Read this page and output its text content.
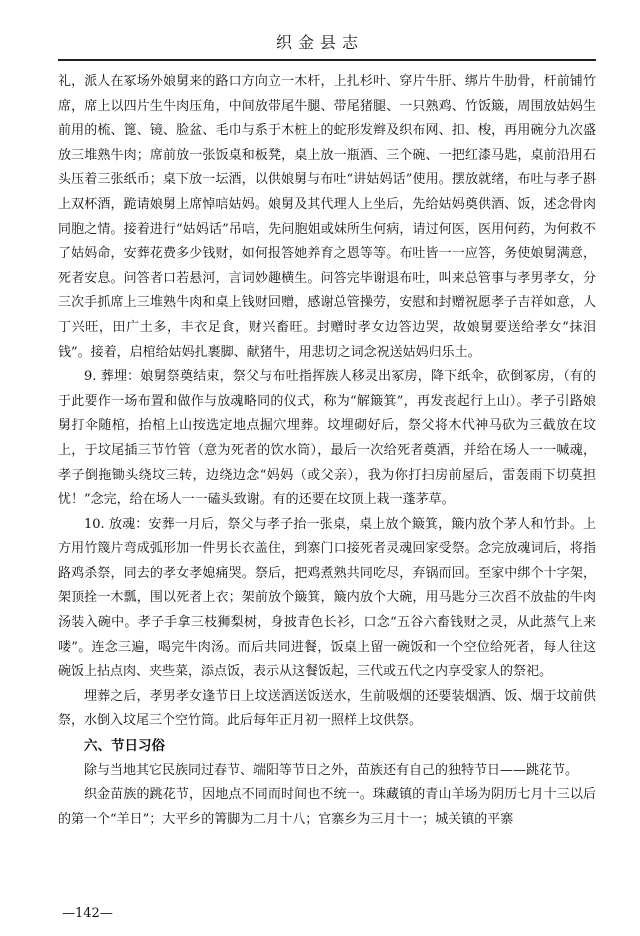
织金县志

礼，派人在冢场外娘舅来的路口方向立一木杆，上扎杉叶、穿片牛肝、绑片牛肋骨，杆前铺竹席，席上以四片生牛肉压角，中间放带尾牛腿、带尾猪腿、一只熟鸡、竹饭簸，周围放姑妈生前用的梳、篦、镜、脸盆、毛巾与系于木桩上的蛇形发辫及织布网、扣、梭，再用碗分九次盛放三堆熟牛肉；席前放一张饭桌和板凳，桌上放一瓶酒、三个碗、一把红漆马匙，桌前沿用石头压着三张纸币；桌下放一坛酒，以供娘舅与布吐“讲姑妈话”使用。摆放就绪，布吐与孝子斟上双杯酒，跪请娘舅上席悼唁姑妈。娘舅及其代理人上坐后，先给姑妈奠供酒、饭，述念骨肉同胞之情。接着进行“姑妈话”吊唁，先问胞姐或妹所生何病，请过何医，医用何药，为何救不了姑妈命，安葬花费多少钱财，如何报答她养育之恩等等。布吐皆一一应答，务使娘舅满意，死者安息。问答者口若悬河，言词妙趣横生。问答完毕谢退布吐，叫来总管事与孝男孝女，分三次手抓席上三堆熟牛肉和桌上钱财回赠，感谢总管操劳，安慰和封赠祝愿孝子吉祥如意，人丁兴旺，田广土多，丰衣足食，财兴畜旺。封赠时孝女边答边哭，故娘舅要送给孝女“抹泪钱”。接着，启棺给姑妈扎裹脚、献猪牛，用悲切之词念祝送姑妈归乐土。

9. 葬埋：娘舅祭奠结束，祭父与布吐指挥族人移灵出冢房，降下纸伞，砍倒冢房，（有的于此要作一场布置和做作与放魂略同的仪式，称为“解簸箕”，再发丧起行上山）。孝子引路娘舅打伞随棺，抬棺上山按选定地点掘穴埋葬。坟埋砌好后，祭父将木代神马砍为三截放在坟上，于坟尾插三节竹管（意为死者的饮水筒），最后一次给死者奠酒，并给在场人一一喊魂，孝子倒拖锄头绕坟三转，边绕边念“妈妈（或父亲），我为你打扫房前屋后，雷轰雨下切莫担忧！”念完，给在场人一一磕头致谢。有的还要在坟顶上栽一蓬茅草。

10. 放魂：安葬一月后，祭父与孝子抬一张桌，桌上放个簸箕，簸内放个茅人和竹卦。上方用竹篾片弯成弧形加一件男长衣盖住，到寨门口接死者灵魂回家受祭。念完放魂词后，将指路鸡杀祭，同去的孝女孝媳痛哭。祭后，把鸡煮熟共同吃尽，弃锅而回。至家中绑个十字架，架顶拴一木瓢，围以死者上衣；架前放个簸箕，簸内放个大碗，用马匙分三次舀不放盐的牛肉汤装入碗中。孝子手拿三枝狮梨树，身披青色长衫，口念“五谷六畜钱财之灵，从此蒸气上来喽”。连念三遍，喝完牛肉汤。而后共同进餐，饭桌上留一碗饭和一个空位给死者，每人往这碗饭上拈点肉、夹些菜，添点饭，表示从这餐饭起，三代或五代之内享受家人的祭祀。

埋葬之后，孝男孝女逢节日上坟送酒送饭送水，生前吸烟的还要装烟酒、饭、烟于坟前供祭，水倒入坟尾三个空竹筒。此后每年正月初一照样上坟供祭。

六、节日习俗

除与当地其它民族同过春节、端阳等节日之外，苗族还有自己的独特节日——跳花节。

织金苗族的跳花节，因地点不同而时间也不统一。珠藏镇的青山羊场为阴历七月十三以后的第一个“羊日”；大平乡的箐脚为二月十八；官寨乡为三月十一；城关镇的平寨

—142—
